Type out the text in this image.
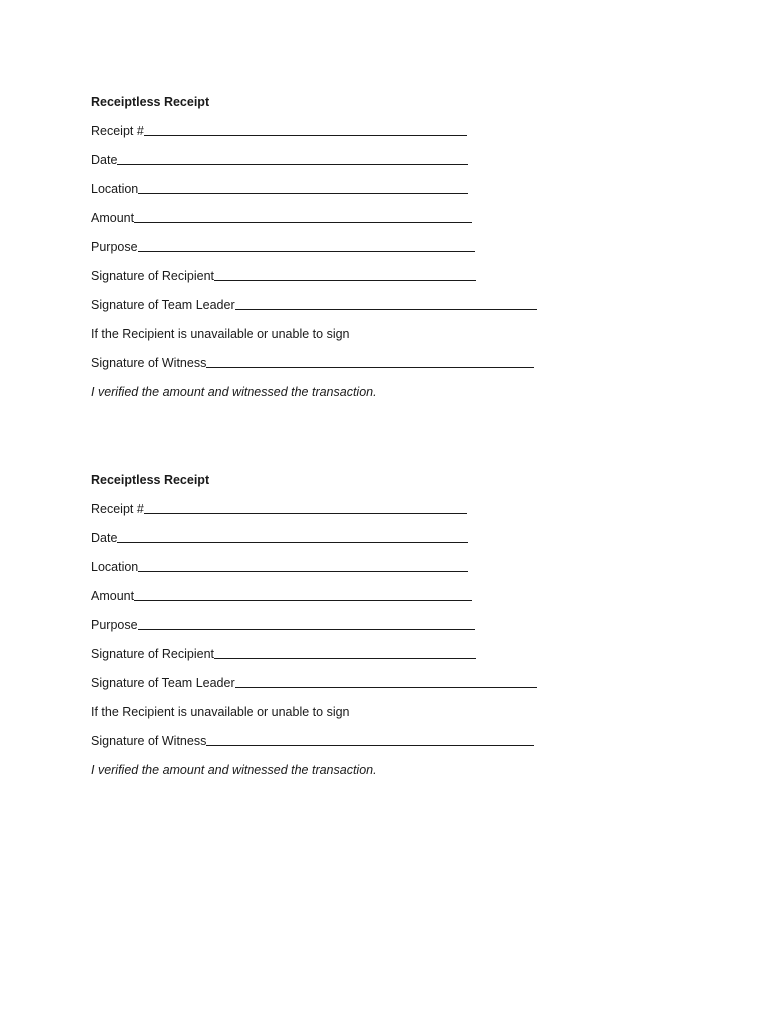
Receiptless Receipt
Receipt #
Date
Location
Amount
Purpose
Signature of Recipient
Signature of Team Leader
If the Recipient is unavailable or unable to sign
Signature of Witness
I verified the amount and witnessed the transaction.
Receiptless Receipt
Receipt #
Date
Location
Amount
Purpose
Signature of Recipient
Signature of Team Leader
If the Recipient is unavailable or unable to sign
Signature of Witness
I verified the amount and witnessed the transaction.
